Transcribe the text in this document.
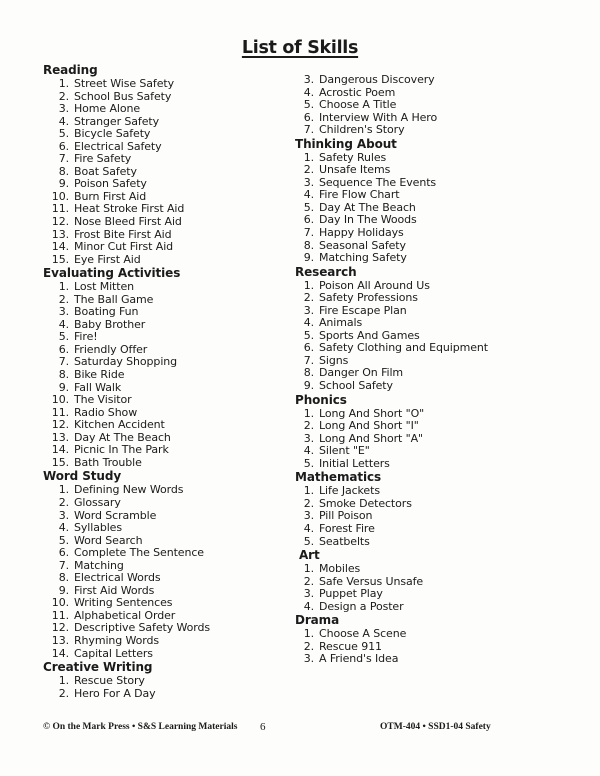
List of Skills
Reading
1. Street Wise Safety
2. School Bus Safety
3. Home Alone
4. Stranger Safety
5. Bicycle Safety
6. Electrical Safety
7. Fire Safety
8. Boat Safety
9. Poison Safety
10. Burn First Aid
11. Heat Stroke First Aid
12. Nose Bleed First Aid
13. Frost Bite First Aid
14. Minor Cut First Aid
15. Eye First Aid
Evaluating Activities
1. Lost Mitten
2. The Ball Game
3. Boating Fun
4. Baby Brother
5. Fire!
6. Friendly Offer
7. Saturday Shopping
8. Bike Ride
9. Fall Walk
10. The Visitor
11. Radio Show
12. Kitchen Accident
13. Day At The Beach
14. Picnic In The Park
15. Bath Trouble
Word Study
1. Defining New Words
2. Glossary
3. Word Scramble
4. Syllables
5. Word Search
6. Complete The Sentence
7. Matching
8. Electrical Words
9. First Aid Words
10. Writing Sentences
11. Alphabetical Order
12. Descriptive Safety Words
13. Rhyming Words
14. Capital Letters
Creative Writing
1. Rescue Story
2. Hero For A Day
3. Dangerous Discovery
4. Acrostic Poem
5. Choose A Title
6. Interview With A Hero
7. Children's Story
Thinking About
1. Safety Rules
2. Unsafe Items
3. Sequence The Events
4. Fire Flow Chart
5. Day At The Beach
6. Day In The Woods
7. Happy Holidays
8. Seasonal Safety
9. Matching Safety
Research
1. Poison All Around Us
2. Safety Professions
3. Fire Escape Plan
4. Animals
5. Sports And Games
6. Safety Clothing and Equipment
7. Signs
8. Danger On Film
9. School Safety
Phonics
1. Long And Short "O"
2. Long And Short "I"
3. Long And Short "A"
4. Silent "E"
5. Initial Letters
Mathematics
1. Life Jackets
2. Smoke Detectors
3. Pill Poison
4. Forest Fire
5. Seatbelts
Art
1. Mobiles
2. Safe Versus Unsafe
3. Puppet Play
4. Design a Poster
Drama
1. Choose A Scene
2. Rescue 911
3. A Friend's Idea
© On the Mark Press • S&S Learning Materials 6	OTM-404 • SSD1-04 Safety
